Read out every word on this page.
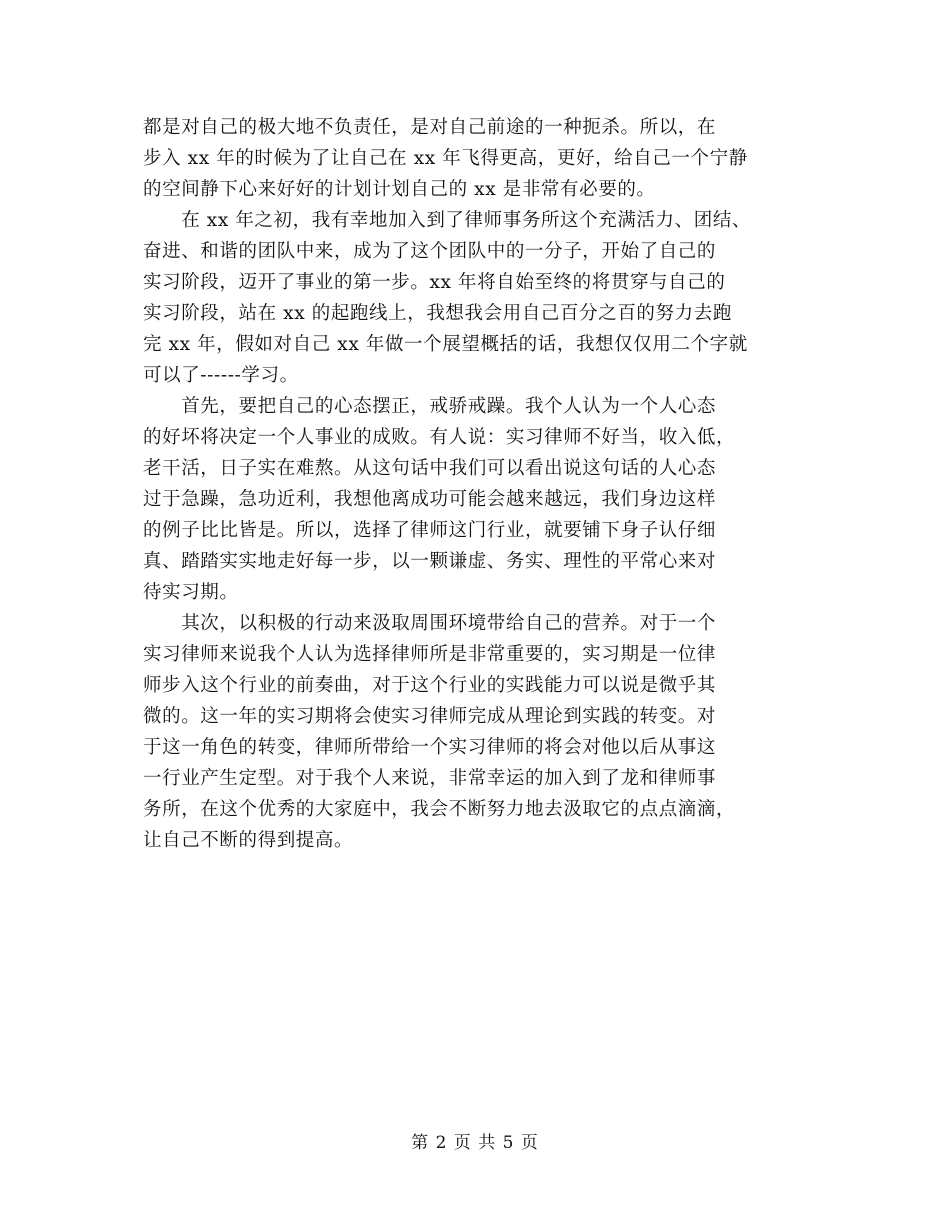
都是对自己的极大地不负责任，是对自己前途的一种扼杀。所以，在
步入 xx 年的时候为了让自己在 xx 年飞得更高，更好，给自己一个宁静
的空间静下心来好好的计划计划自己的 xx 是非常有必要的。
　　在 xx 年之初，我有幸地加入到了律师事务所这个充满活力、团结、
奋进、和谐的团队中来，成为了这个团队中的一分子，开始了自己的
实习阶段，迈开了事业的第一步。xx 年将自始至终的将贯穿与自己的
实习阶段，站在 xx 的起跑线上，我想我会用自己百分之百的努力去跑
完 xx 年，假如对自己 xx 年做一个展望概括的话，我想仅仅用二个字就
可以了------学习。
　　首先，要把自己的心态摆正，戒骄戒躁。我个人认为一个人心态
的好坏将决定一个人事业的成败。有人说：实习律师不好当，收入低，
老干活，日子实在难熬。从这句话中我们可以看出说这句话的人心态
过于急躁，急功近利，我想他离成功可能会越来越远，我们身边这样
的例子比比皆是。所以，选择了律师这门行业，就要铺下身子认仔细
真、踏踏实实地走好每一步，以一颗谦虚、务实、理性的平常心来对
待实习期。
　　其次，以积极的行动来汲取周围环境带给自己的营养。对于一个
实习律师来说我个人认为选择律师所是非常重要的，实习期是一位律
师步入这个行业的前奏曲，对于这个行业的实践能力可以说是微乎其
微的。这一年的实习期将会使实习律师完成从理论到实践的转变。对
于这一角色的转变，律师所带给一个实习律师的将会对他以后从事这
一行业产生定型。对于我个人来说，非常幸运的加入到了龙和律师事
务所，在这个优秀的大家庭中，我会不断努力地去汲取它的点点滴滴，
让自己不断的得到提高。
第 2 页 共 5 页
